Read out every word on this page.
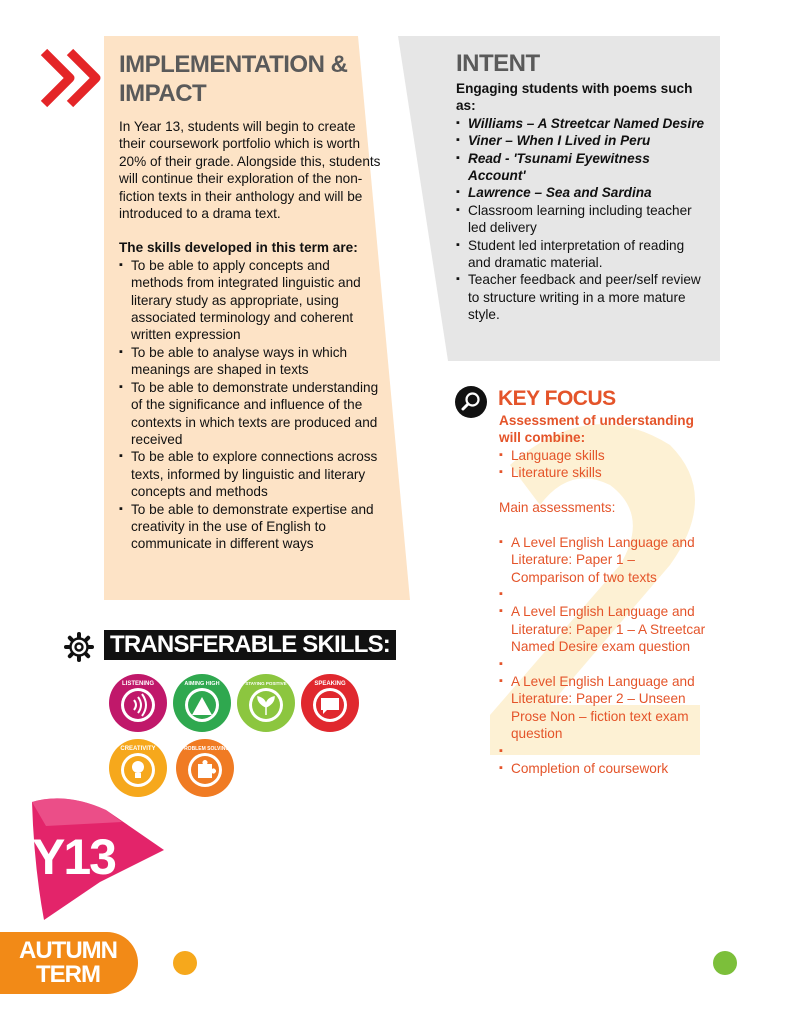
IMPLEMENTATION &
IMPACT

In Year 13, students will begin to create their coursework portfolio which is worth 20% of their grade. Alongside this, students will continue their exploration of the non-fiction texts in their anthology and will be introduced to a drama text.

The skills developed in this term are:

▪ To be able to apply concepts and methods from integrated linguistic and literary study as appropriate, using associated terminology and coherent written expression
▪ To be able to analyse ways in which meanings are shaped in texts
▪ To be able to demonstrate understanding of the significance and influence of the contexts in which texts are produced and received
▪ To be able to explore connections across texts, informed by linguistic and literary concepts and methods
▪ To be able to demonstrate expertise and creativity in the use of English to communicate in different ways
INTENT

Engaging students with poems such as:

▪ Williams – A Streetcar Named Desire
▪ Viner – When I Lived in Peru
▪ Read - 'Tsunami Eyewitness Account'
▪ Lawrence – Sea and Sardina
▪ Classroom learning including teacher led delivery
▪ Student led interpretation of reading and dramatic material.
▪ Teacher feedback and peer/self review to structure writing in a more mature style.
KEY FOCUS

Assessment of understanding will combine:

▪ Language skills
▪ Literature skills

Main assessments:

▪ A Level English Language and Literature: Paper 1 – Comparison of two texts
▪
▪ A Level English Language and Literature: Paper 1 – A Streetcar Named Desire exam question
▪
▪ A Level English Language and Literature: Paper 2 – Unseen Prose Non – fiction text exam question
▪
▪ Completion of coursework
TRANSFERABLE SKILLS:
LISTENING	AIMING HIGH	STAYING POSITIVE	SPEAKING
CREATIVITY	PROBLEM SOLVING
Y13
AUTUMN
TERM
